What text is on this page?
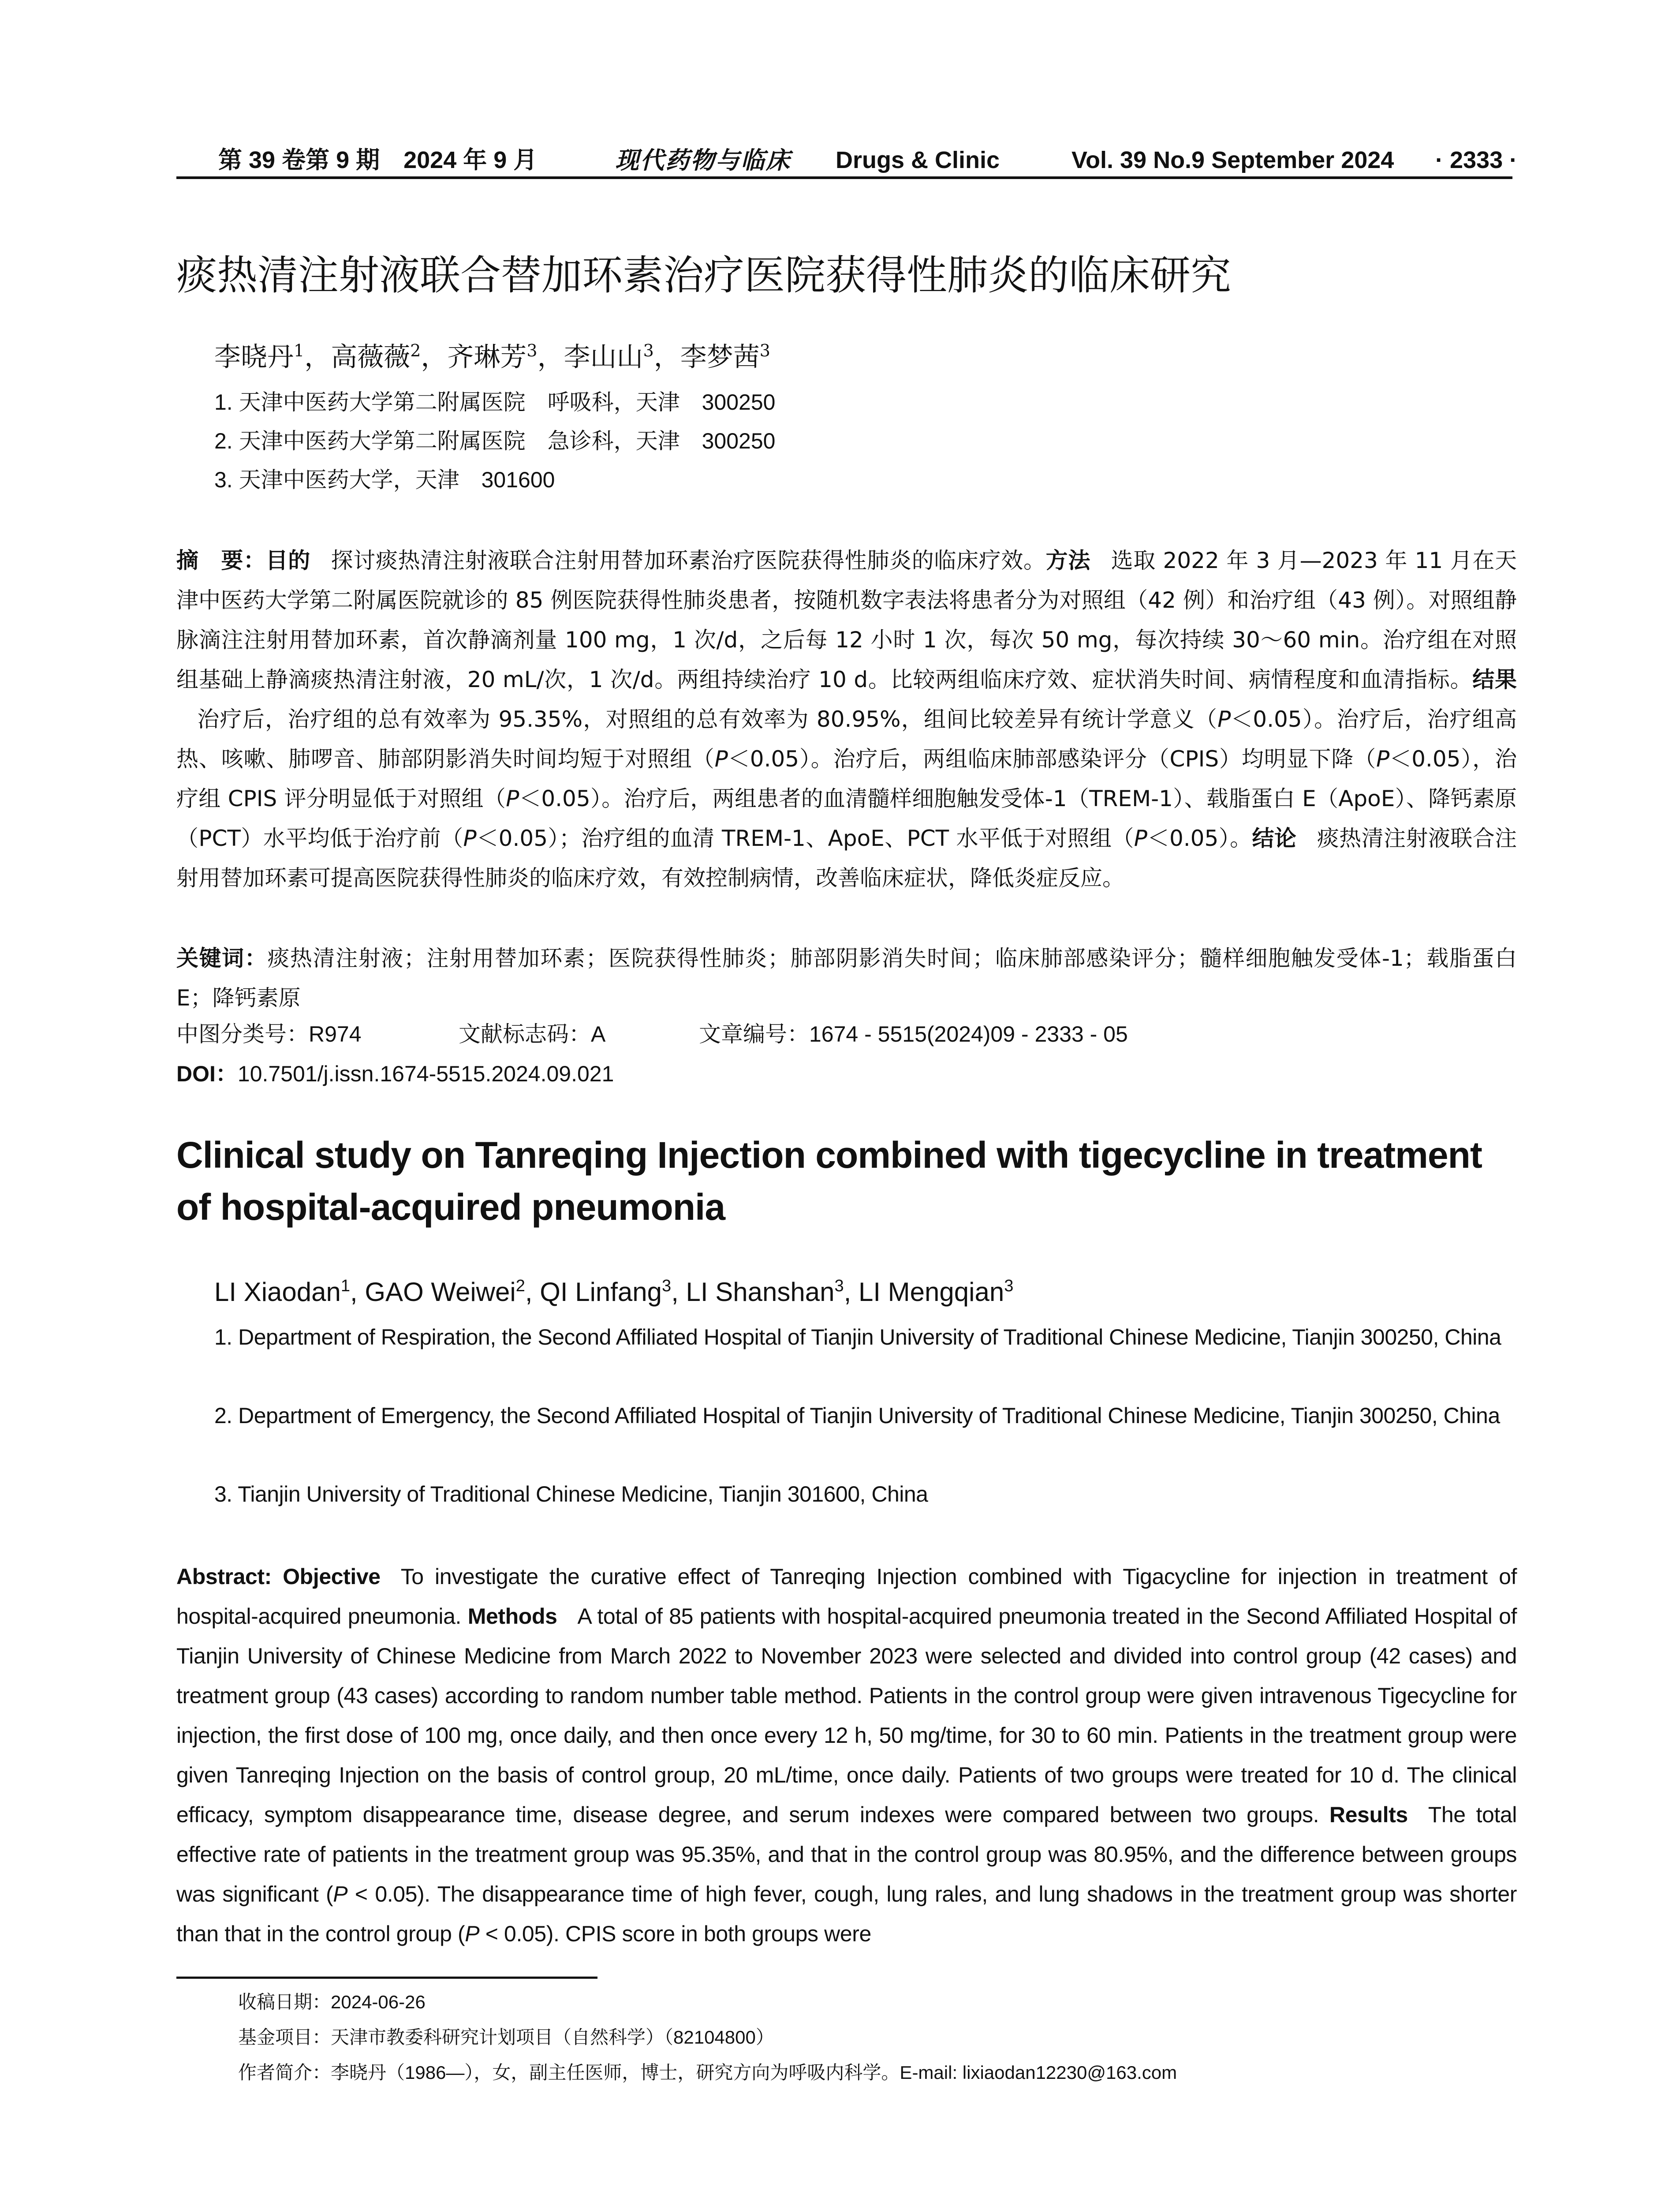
第 39 卷第 9 期　2024 年 9 月	现代药物与临床 Drugs & Clinic	Vol. 39 No.9 September 2024 · 2333 ·
痰热清注射液联合替加环素治疗医院获得性肺炎的临床研究
李晓丹$^1$，高薇薇$^2$，齐琳芳$^3$，李山山$^3$，李梦茜$^3$
1. 天津中医药大学第二附属医院　呼吸科，天津　300250
2. 天津中医药大学第二附属医院　急诊科，天津　300250
3. 天津中医药大学，天津　301600
摘　要：目的 探讨痰热清注射液联合注射用替加环素治疗医院获得性肺炎的临床疗效。方法 选取 2022 年 3 月—2023 年 11 月在天津中医药大学第二附属医院就诊的 85 例医院获得性肺炎患者，按随机数字表法将患者分为对照组（42 例）和治疗组（43 例）。对照组静脉滴注注射用替加环素，首次静滴剂量 100 mg，1 次/d，之后每 12 小时 1 次，每次 50 mg，每次持续 30～60 min。治疗组在对照组基础上静滴痰热清注射液，20 mL/次，1 次/d。两组持续治疗 10 d。比较两组临床疗效、症状消失时间、病情程度和血清指标。结果治疗后，治疗组的总有效率为 95.35%，对照组的总有效率为 80.95%，组间比较差异有统计学意义（P＜0.05）。治疗后，治疗组高热、咳嗽、肺啰音、肺部阴影消失时间均短于对照组（P＜0.05）。治疗后，两组临床肺部感染评分（CPIS）均明显下降（P＜0.05），治疗组 CPIS 评分明显低于对照组（P＜0.05）。治疗后，两组患者的血清髓样细胞触发受体-1（TREM-1）、载脂蛋白 E（ApoE）、降钙素原（PCT）水平均低于治疗前（P＜0.05）；治疗组的血清 TREM-1、ApoE、PCT 水平低于对照组（P＜0.05）。结论 痰热清注射液联合注射用替加环素可提高医院获得性肺炎的临床疗效，有效控制病情，改善临床症状，降低炎症反应。
关键词：痰热清注射液；注射用替加环素；医院获得性肺炎；肺部阴影消失时间；临床肺部感染评分；髓样细胞触发受体-1；载脂蛋白 E；降钙素原
中图分类号：R974	文献标志码：A	文章编号：1674 - 5515(2024)09 - 2333 - 05
DOI：10.7501/j.issn.1674-5515.2024.09.021
Clinical study on Tanreqing Injection combined with tigecycline in treatment of hospital-acquired pneumonia
LI Xiaodan$^1$, GAO Weiwei$^2$, QI Linfang$^3$, LI Shanshan$^3$, LI Mengqian$^3$
1. Department of Respiration, the Second Affiliated Hospital of Tianjin University of Traditional Chinese Medicine, Tianjin 300250, China
2. Department of Emergency, the Second Affiliated Hospital of Tianjin University of Traditional Chinese Medicine, Tianjin 300250, China
3. Tianjin University of Traditional Chinese Medicine, Tianjin 301600, China
Abstract: Objective To investigate the curative effect of Tanreqing Injection combined with Tigacycline for injection in treatment of hospital-acquired pneumonia. Methods A total of 85 patients with hospital-acquired pneumonia treated in the Second Affiliated Hospital of Tianjin University of Chinese Medicine from March 2022 to November 2023 were selected and divided into control group (42 cases) and treatment group (43 cases) according to random number table method. Patients in the control group were given intravenous Tigecycline for injection, the first dose of 100 mg, once daily, and then once every 12 h, 50 mg/time, for 30 to 60 min. Patients in the treatment group were given Tanreqing Injection on the basis of control group, 20 mL/time, once daily. Patients of two groups were treated for 10 d. The clinical efficacy, symptom disappearance time, disease degree, and serum indexes were compared between two groups. Results The total effective rate of patients in the treatment group was 95.35%, and that in the control group was 80.95%, and the difference between groups was significant (P < 0.05). The disappearance time of high fever, cough, lung rales, and lung shadows in the treatment group was shorter than that in the control group (P < 0.05). CPIS score in both groups were
收稿日期：2024-06-26
基金项目：天津市教委科研究计划项目（自然科学）（82104800）
作者简介：李晓丹（1986—），女，副主任医师，博士，研究方向为呼吸内科学。E-mail: lixiaodan12230@163.com
